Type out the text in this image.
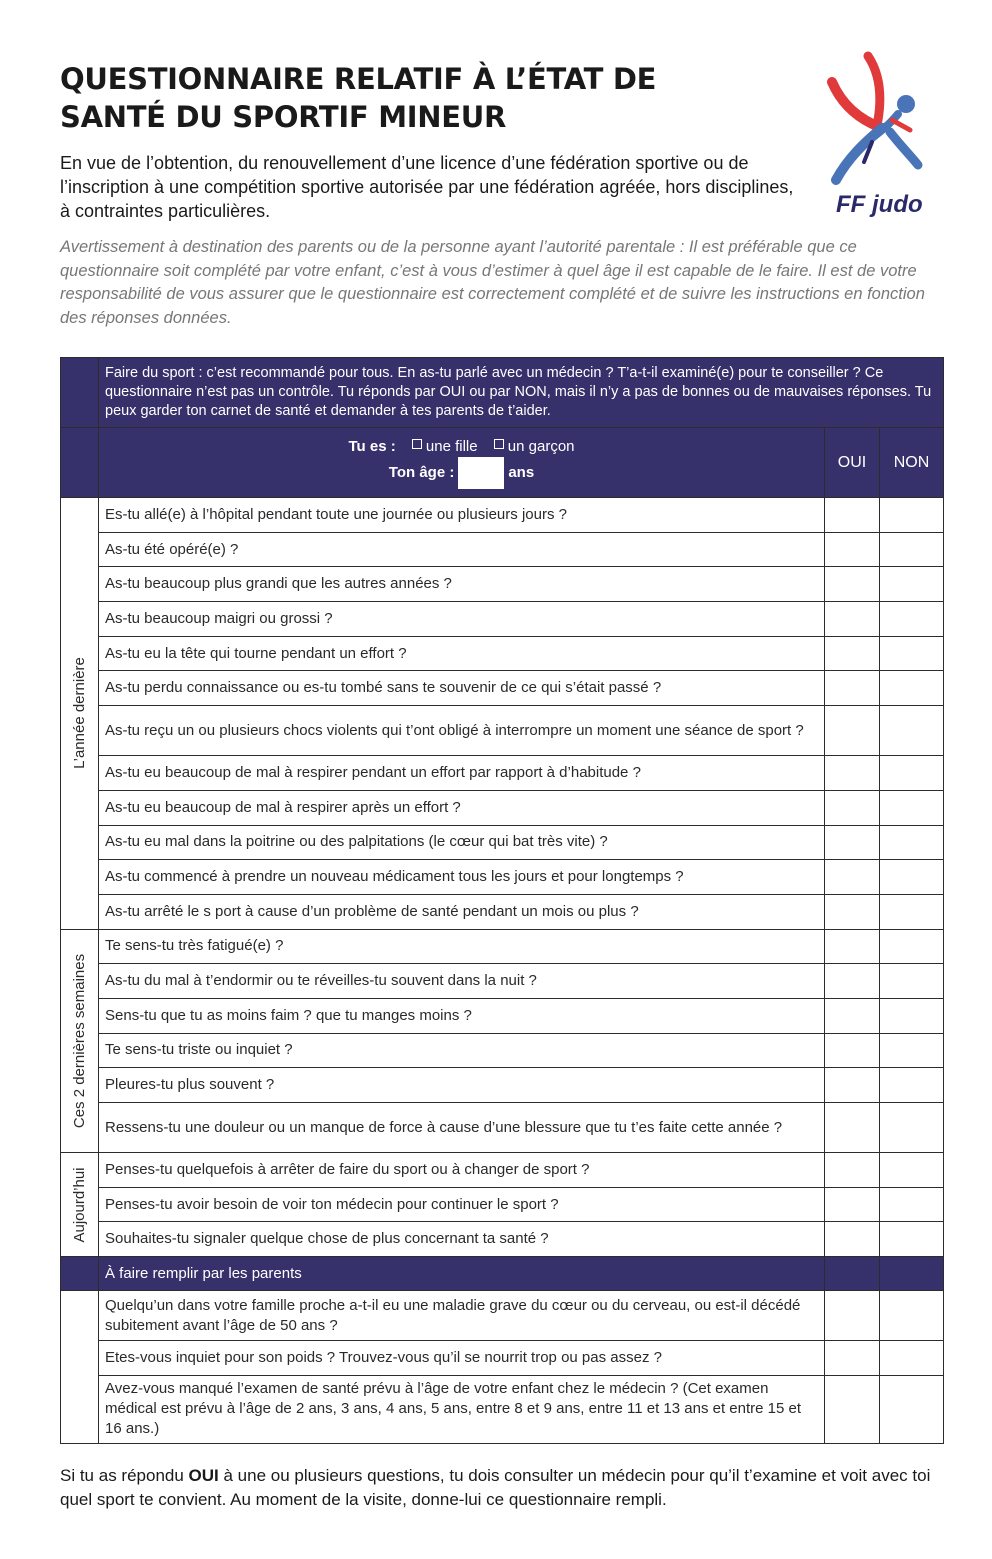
QUESTIONNAIRE RELATIF À L’ÉTAT DE
SANTÉ DU SPORTIF MINEUR
FF judo
En vue de l’obtention, du renouvellement d’une licence d’une fédération sportive ou de l’inscription à une compétition sportive autorisée par une fédération agréée, hors disciplines, à contraintes particulières.
Avertissement à destination des parents ou de la personne ayant l’autorité parentale : Il est préférable que ce questionnaire soit complété par votre enfant, c’est à vous d’estimer à quel âge il est capable de le faire. Il est de votre responsabilité de vous assurer que le questionnaire est correctement complété et de suivre les instructions en fonction des réponses données.
	Faire du sport : c’est recommandé pour tous. En as-tu parlé avec un médecin ? T’a-t-il examiné(e) pour te conseiller ? Ce questionnaire n’est pas un contrôle. Tu réponds par OUI ou par NON, mais il n’y a pas de bonnes ou de mauvaises réponses. Tu peux garder ton carnet de santé et demander à tes parents de t’aider.		

	Tu es : une fille un garçon
Ton âge : ans	OUI	NON

L’année dernière	Es-tu allé(e) à l’hôpital pendant toute une journée ou plusieurs jours ?		
	As-tu été opéré(e) ?		
	As-tu beaucoup plus grandi que les autres années ?		
	As-tu beaucoup maigri ou grossi ?		
	As-tu eu la tête qui tourne pendant un effort ?		
	As-tu perdu connaissance ou es-tu tombé sans te souvenir de ce qui s’était passé ?		
	As-tu reçu un ou plusieurs chocs violents qui t’ont obligé à interrompre un moment une séance de sport ?		
	As-tu eu beaucoup de mal à respirer pendant un effort par rapport à d’habitude ?		
	As-tu eu beaucoup de mal à respirer après un effort ?		
	As-tu eu mal dans la poitrine ou des palpitations (le cœur qui bat très vite) ?		
	As-tu commencé à prendre un nouveau médicament tous les jours et pour longtemps ?		
	As-tu arrêté le s port à cause d’un problème de santé pendant un mois ou plus ?		

Ces 2 dernières semaines	Te sens-tu très fatigué(e) ?		
	As-tu du mal à t’endormir ou te réveilles-tu souvent dans la nuit ?		
	Sens-tu que tu as moins faim ? que tu manges moins ?		
	Te sens-tu triste ou inquiet ?		
	Pleures-tu plus souvent ?		
	Ressens-tu une douleur ou un manque de force à cause d’une blessure que tu t’es faite cette année ?		

Aujourd’hui	Penses-tu quelquefois à arrêter de faire du sport ou à changer de sport ?		
	Penses-tu avoir besoin de voir ton médecin pour continuer le sport ?		
	Souhaites-tu signaler quelque chose de plus concernant ta santé ?		
	À faire remplir par les parents		
	Quelqu’un dans votre famille proche a-t-il eu une maladie grave du cœur ou du cerveau, ou est-il décédé subitement avant l’âge de 50 ans ?		
	Etes-vous inquiet pour son poids ? Trouvez-vous qu’il se nourrit trop ou pas assez ?		
	Avez-vous manqué l’examen de santé prévu à l’âge de votre enfant chez le médecin ? (Cet examen médical est prévu à l’âge de 2 ans, 3 ans, 4 ans, 5 ans, entre 8 et 9 ans, entre 11 et 13 ans et entre 15 et 16 ans.)		
Si tu as répondu OUI à une ou plusieurs questions, tu dois consulter un médecin pour qu’il t’examine et voit avec toi quel sport te convient. Au moment de la visite, donne-lui ce questionnaire rempli.
